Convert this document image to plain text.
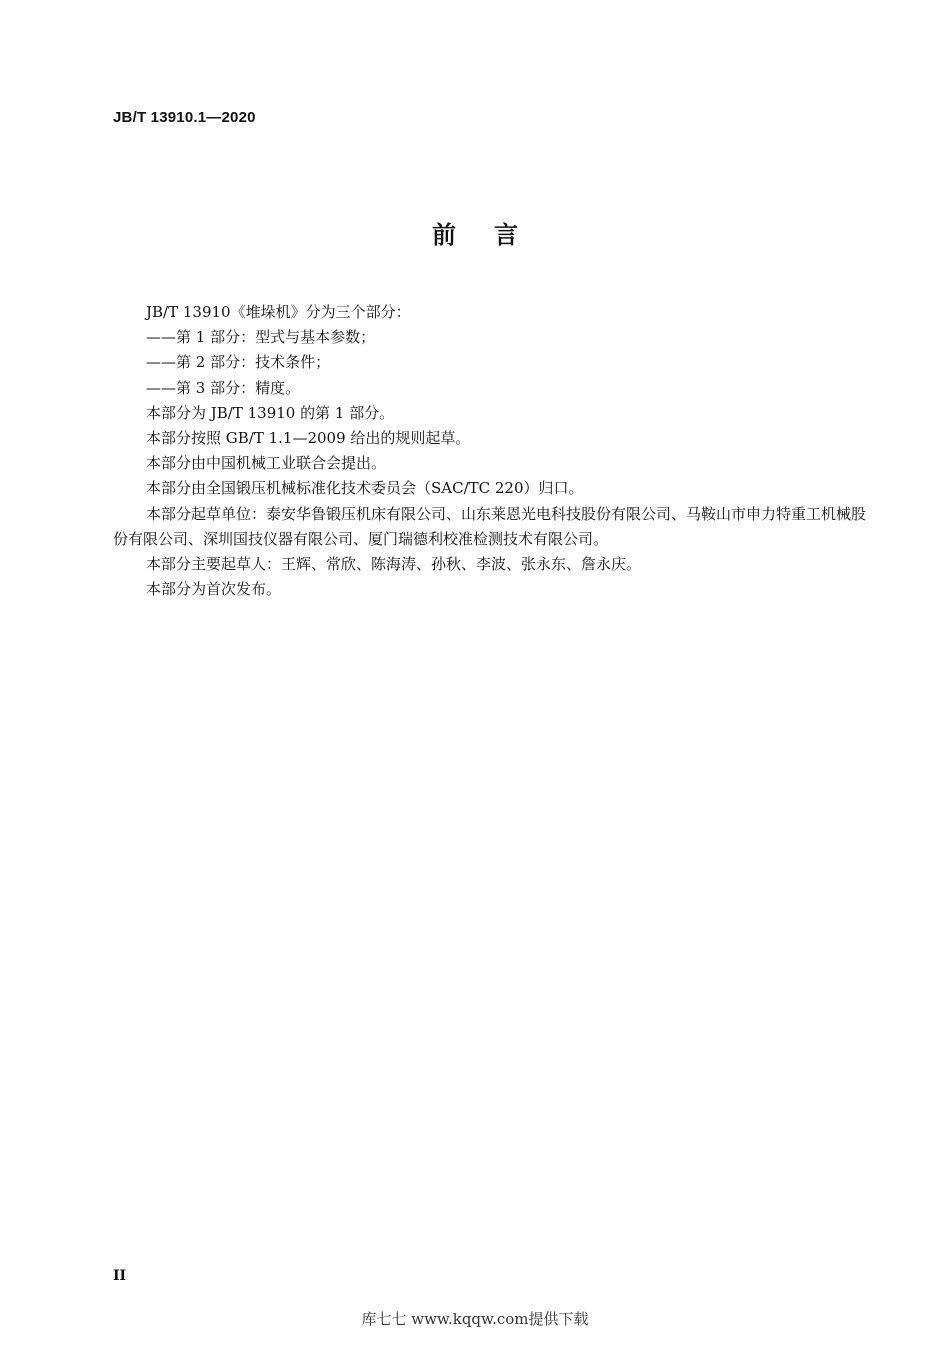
JB/T 13910.1—2020
前言

JB/T 13910《堆垛机》分为三个部分：

——第 1 部分：型式与基本参数；

——第 2 部分：技术条件；

——第 3 部分：精度。

本部分为 JB/T 13910 的第 1 部分。

本部分按照 GB/T 1.1—2009 给出的规则起草。

本部分由中国机械工业联合会提出。

本部分由全国锻压机械标准化技术委员会（SAC/TC 220）归口。

本部分起草单位：泰安华鲁锻压机床有限公司、山东莱恩光电科技股份有限公司、马鞍山市申力特重工机械股份有限公司、深圳国技仪器有限公司、厦门瑞德利校准检测技术有限公司。

本部分主要起草人：王辉、常欣、陈海涛、孙秋、李波、张永东、詹永庆。

本部分为首次发布。

II
库七七 www.kqqw.com提供下载
